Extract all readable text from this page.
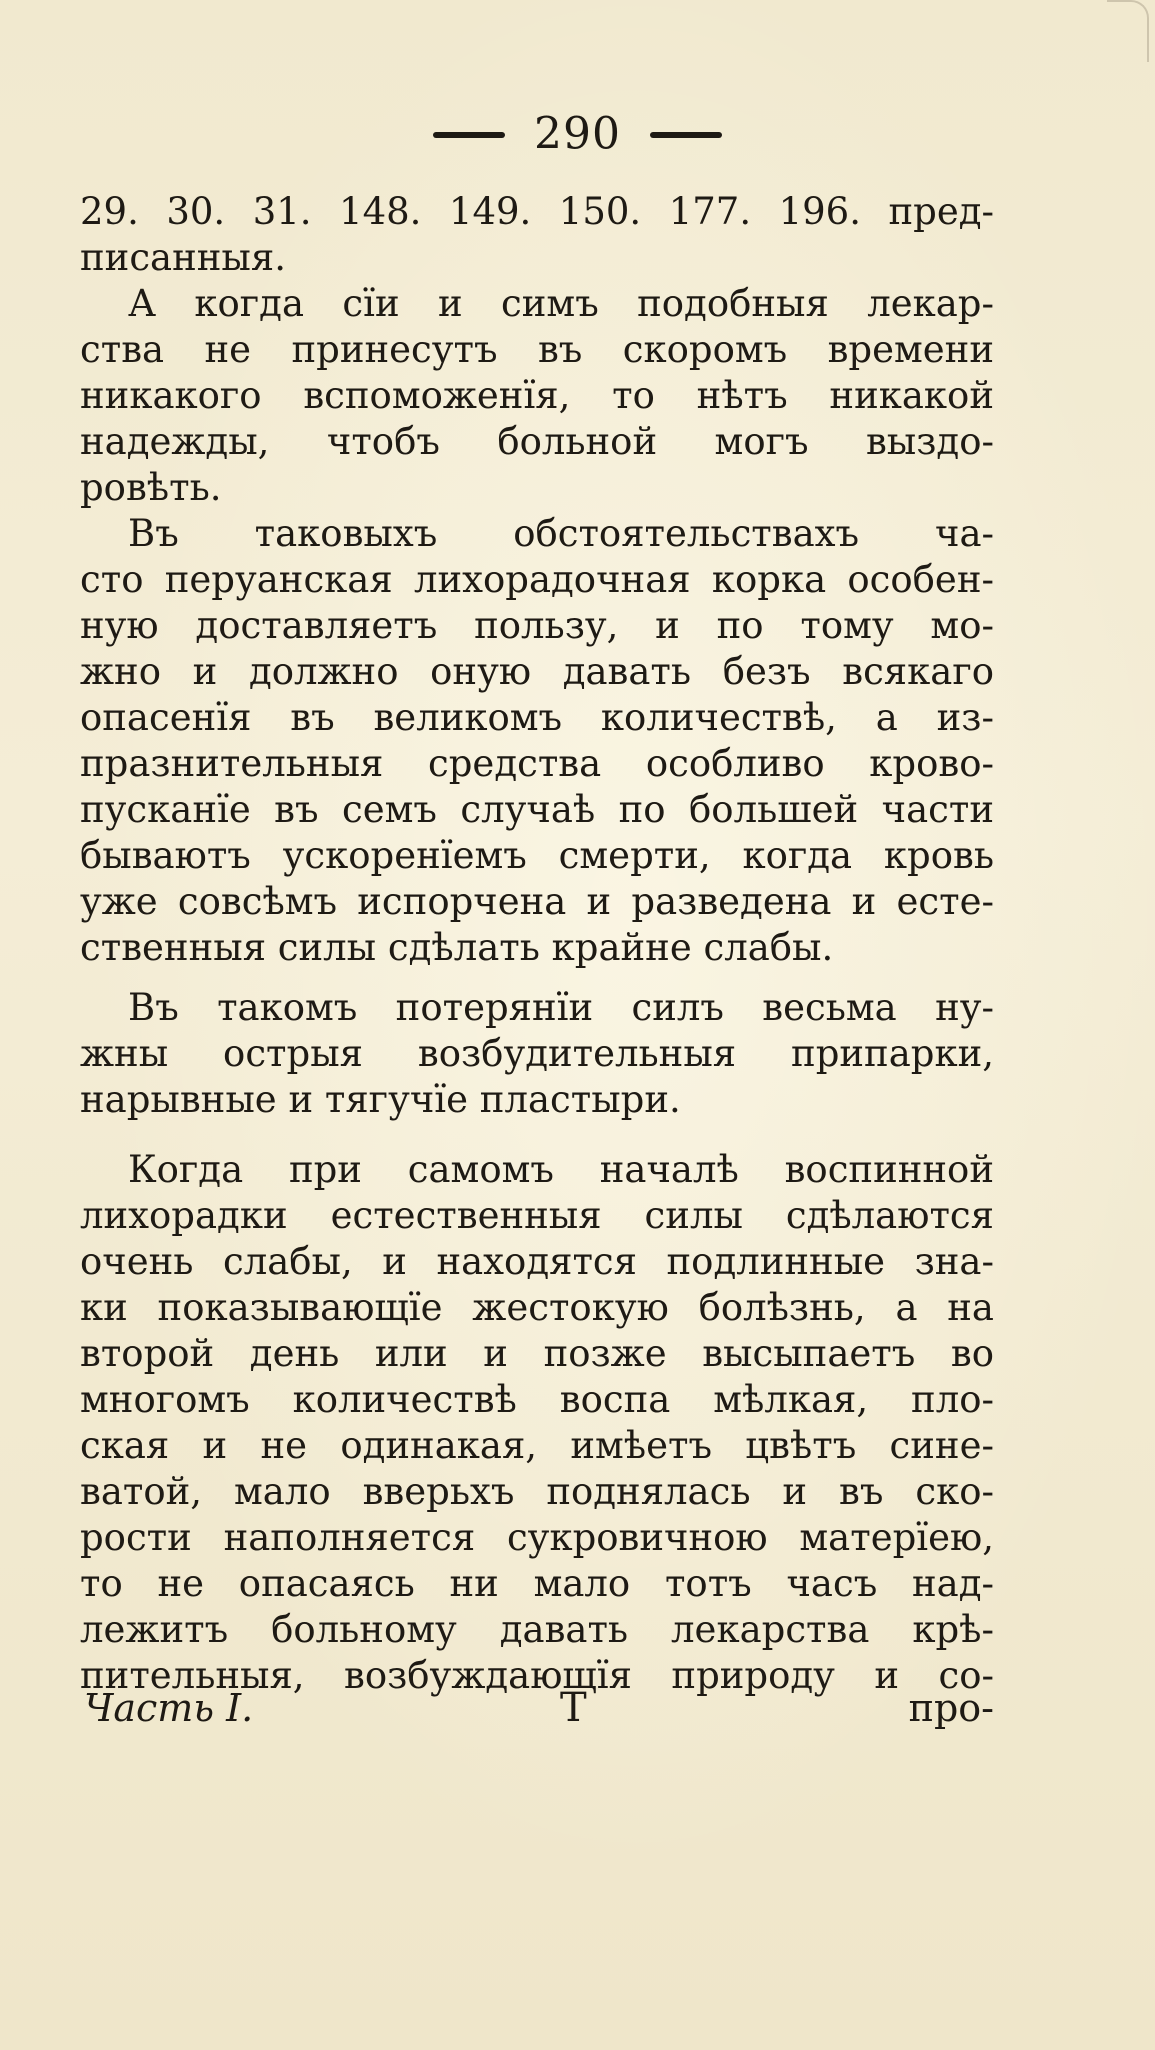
290
29. 30. 31. 148. 149. 150. 177. 196. пред-
писанныя.
А когда сїи и симъ подобныя лекар-
ства не принесутъ въ скоромъ времени
никакого вспоможенїя, то нѣтъ никакой
надежды, чтобъ больной могъ выздо-
ровѣть.
Въ таковыхъ обстоятельствахъ ча-
сто перуанская лихорадочная корка особен-
ную доставляетъ пользу, и по тому мо-
жно и должно оную давать безъ всякаго
опасенїя въ великомъ количествѣ, а из-
празнительныя средства особливо крово-
пусканїе въ семъ случаѣ по большей части
бываютъ ускоренїемъ смерти, когда кровь
уже совсѣмъ испорчена и разведена и есте-
ственныя силы сдѣлать крайне слабы.
Въ такомъ потерянїи силъ весьма ну-
жны острыя возбудительныя припарки,
нарывные и тягучїе пластыри.
Когда при самомъ началѣ воспинной
лихорадки естественныя силы сдѣлаются
очень слабы, и находятся подлинные зна-
ки показывающїе жестокую болѣзнь, а на
второй день или и позже высыпаетъ во
многомъ количествѣ воспа мѣлкая, пло-
ская и не одинакая, имѣетъ цвѣтъ сине-
ватой, мало вверьхъ поднялась и въ ско-
рости наполняется сукровичною матерїею,
то не опасаясь ни мало тотъ часъ над-
лежитъ больному давать лекарства крѣ-
пительныя, возбуждающїя природу и со-
Часть I.	Т	про-
